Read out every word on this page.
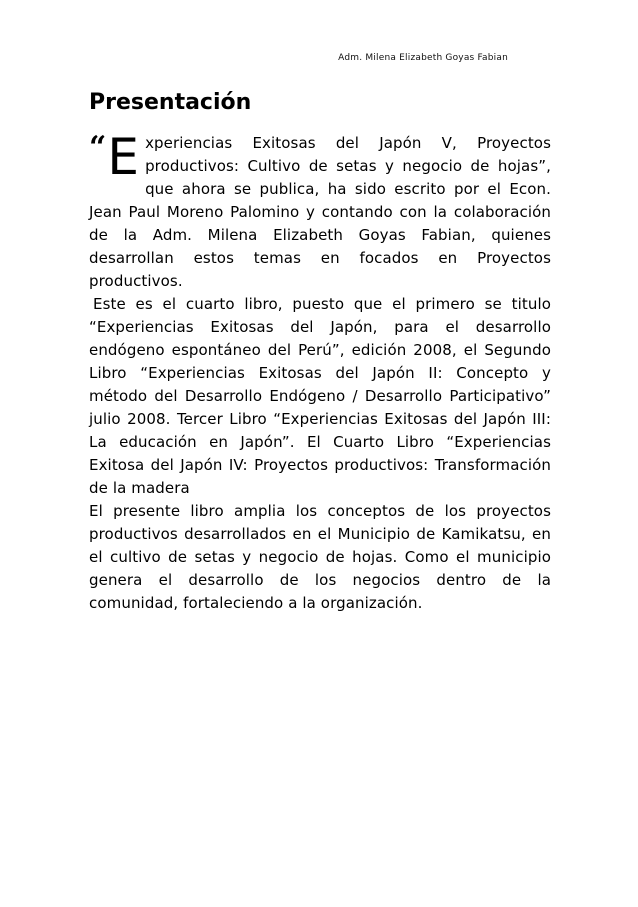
Adm. Milena Elizabeth Goyas Fabian
Presentación

“ E xperiencias Exitosas del Japón V, Proyectos productivos: Cultivo de setas y negocio de hojas”, que ahora se publica, ha sido escrito por el Econ. Jean Paul Moreno Palomino y contando con la colaboración de la Adm. Milena Elizabeth Goyas Fabian, quienes desarrollan estos temas en focados en Proyectos productivos.

Este es el cuarto libro, puesto que el primero se titulo “Experiencias Exitosas del Japón, para el desarrollo endógeno espontáneo del Perú”, edición 2008, el Segundo Libro “Experiencias Exitosas del Japón II: Concepto y método del Desarrollo Endógeno / Desarrollo Participativo” julio 2008. Tercer Libro “Experiencias Exitosas del Japón III: La educación en Japón”. El Cuarto Libro “Experiencias Exitosa del Japón IV: Proyectos productivos: Transformación de la madera

El presente libro amplia los conceptos de los proyectos productivos desarrollados en el Municipio de Kamikatsu, en el cultivo de setas y negocio de hojas. Como el municipio genera el desarrollo de los negocios dentro de la comunidad, fortaleciendo a la organización.
